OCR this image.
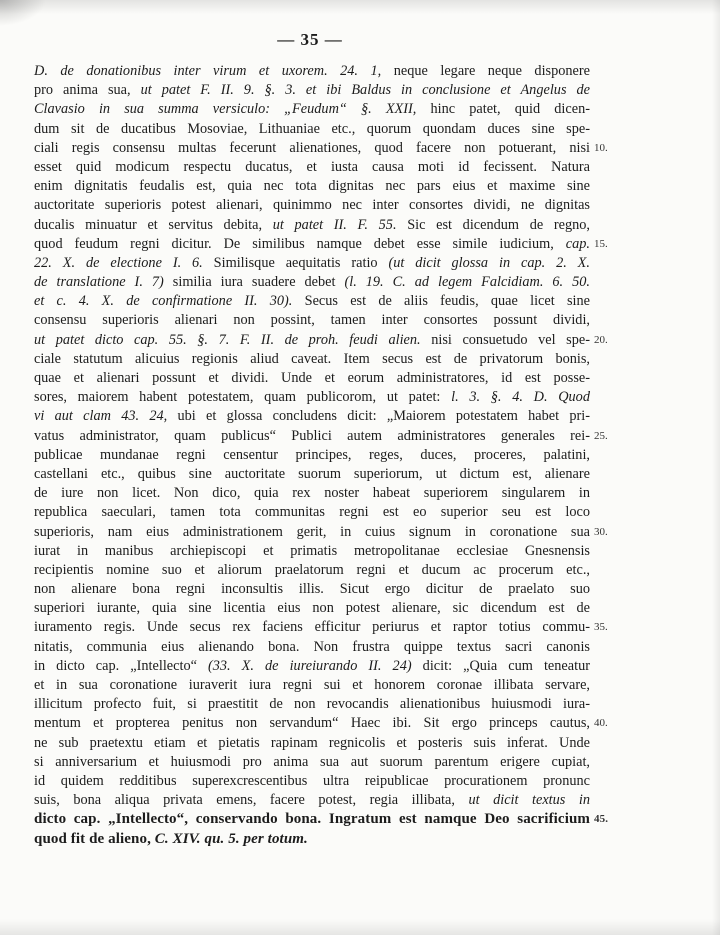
— 35 —
D. de donationibus inter virum et uxorem. 24. 1, neque legare neque disponere
pro anima sua, ut patet F. II. 9. §. 3. et ibi Baldus in conclusione et Angelus de
Clavasio in sua summa versiculo: „Feudum“ §. XXII, hinc patet, quid dicen-
dum sit de ducatibus Mosoviae, Lithuaniae etc., quorum quondam duces sine spe-
ciali regis consensu multas fecerunt alienationes, quod facere non potuerant, nisi 10.
esset quid modicum respectu ducatus, et iusta causa moti id fecissent. Natura
enim dignitatis feudalis est, quia nec tota dignitas nec pars eius et maxime sine
auctoritate superioris potest alienari, quinimmo nec inter consortes dividi, ne dignitas
ducalis minuatur et servitus debita, ut patet II. F. 55. Sic est dicendum de regno,
quod feudum regni dicitur. De similibus namque debet esse simile iudicium, cap. 15.
22. X. de electione I. 6. Similisque aequitatis ratio (ut dicit glossa in cap. 2. X.
de translatione I. 7) similia iura suadere debet (l. 19. C. ad legem Falcidiam. 6. 50.
et c. 4. X. de confirmatione II. 30). Secus est de aliis feudis, quae licet sine
consensu superioris alienari non possint, tamen inter consortes possunt dividi,
ut patet dicto cap. 55. §. 7. F. II. de proh. feudi alien. nisi consuetudo vel spe- 20.
ciale statutum alicuius regionis aliud caveat. Item secus est de privatorum bonis,
quae et alienari possunt et dividi. Unde et eorum administratores, id est posse-
sores, maiorem habent potestatem, quam publicorom, ut patet: l. 3. §. 4. D. Quod
vi aut clam 43. 24, ubi et glossa concludens dicit: „Maiorem potestatem habet pri-
vatus administrator, quam publicus“ Publici autem administratores generales rei- 25.
publicae mundanae regni censentur principes, reges, duces, proceres, palatini,
castellani etc., quibus sine auctoritate suorum superiorum, ut dictum est, alienare
de iure non licet. Non dico, quia rex noster habeat superiorem singularem in
republica saeculari, tamen tota communitas regni est eo superior seu est loco
superioris, nam eius administrationem gerit, in cuius signum in coronatione sua 30.
iurat in manibus archiepiscopi et primatis metropolitanae ecclesiae Gnesnensis
recipientis nomine suo et aliorum praelatorum regni et ducum ac procerum etc.,
non alienare bona regni inconsultis illis. Sicut ergo dicitur de praelato suo
superiori iurante, quia sine licentia eius non potest alienare, sic dicendum est de
iuramento regis. Unde secus rex faciens efficitur periurus et raptor totius commu- 35.
nitatis, communia eius alienando bona. Non frustra quippe textus sacri canonis
in dicto cap. „Intellecto“ (33. X. de iureiurando II. 24) dicit: „Quia cum teneatur
et in sua coronatione iuraverit iura regni sui et honorem coronae illibata servare,
illicitum profecto fuit, si praestitit de non revocandis alienationibus huiusmodi iura-
mentum et propterea penitus non servandum“ Haec ibi. Sit ergo princeps cautus, 40.
ne sub praetextu etiam et pietatis rapinam regnicolis et posteris suis inferat. Unde
si anniversarium et huiusmodi pro anima sua aut suorum parentum erigere cupiat,
id quidem redditibus superexcrescentibus ultra reipublicae procurationem pronunc
suis, bona aliqua privata emens, facere potest, regia illibata, ut dicit textus in
dicto cap. „Intellecto“, conservando bona. Ingratum est namque Deo sacrificium 45.
quod fit de alieno, C. XIV. qu. 5. per totum.
